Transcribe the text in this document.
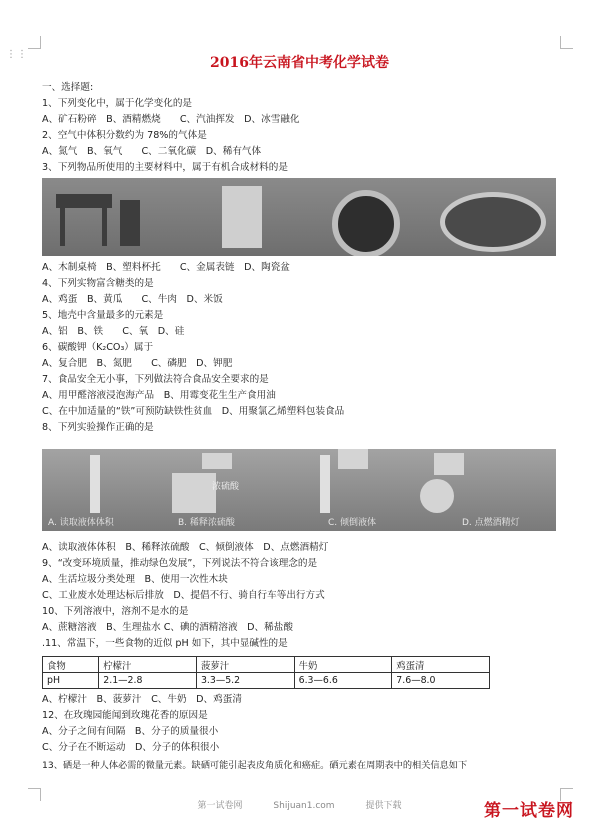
⋮⋮
2016年云南省中考化学试卷
一、选择题:
1、下列变化中，属于化学变化的是
A、矿石粉碎　B、酒精燃烧　　C、汽油挥发　D、冰雪融化
2、空气中体积分数约为 78%的气体是
A、氮气　B、氧气　　C、二氧化碳　D、稀有气体
3、下列物品所使用的主要材料中，属于有机合成材料的是
A、木制桌椅　B、塑料杯托　　C、金属表链　D、陶瓷盆
4、下列实物富含糖类的是
A、鸡蛋　B、黄瓜　　C、牛肉　D、米饭
5、地壳中含量最多的元素是
A、铝　B、铁　　C、氧　D、硅
6、碳酸钾（K₂CO₃）属于
A、复合肥　B、氮肥　　C、磷肥　D、钾肥
7、食品安全无小事，下列做法符合食品安全要求的是
A、用甲醛溶液浸泡海产品　B、用霉变花生生产食用油
C、在中加适量的“铁”可预防缺铁性贫血　D、用聚氯乙烯塑料包装食品
8、下列实验操作正确的是
A. 读取液体体积	B. 稀释浓硫酸
浓硫酸
C. 倾倒液体	D. 点燃酒精灯
A、读取液体体积　B、稀释浓硫酸　C、倾倒液体　D、点燃酒精灯
9、“改变环境质量，推动绿色发展”，下列说法不符合该理念的是
A、生活垃圾分类处理　B、使用一次性木块
C、工业废水处理达标后排放　D、提倡不行、骑自行车等出行方式
10、下列溶液中，溶剂不是水的是
A、蔗糖溶液　B、生理盐水 C、碘的酒精溶液　D、稀盐酸
.11、常温下，一些食物的近似 pH 如下，其中显碱性的是
食物	柠檬汁	菠萝汁	牛奶	鸡蛋清
pH	2.1—2.8	3.3—5.2	6.3—6.6	7.6—8.0
A、柠檬汁　B、菠萝汁　C、牛奶　D、鸡蛋清
12、在玫瑰园能闻到玫瑰花香的原因是
A、分子之间有间隔　B、分子的质量很小
C、分子在不断运动　D、分子的体积很小
13、硒是一种人体必需的微量元素。缺硒可能引起表皮角质化和癌症。硒元素在周期表中的相关信息如下
第一试卷网	Shijuan1.com	提供下载	第一试卷网
